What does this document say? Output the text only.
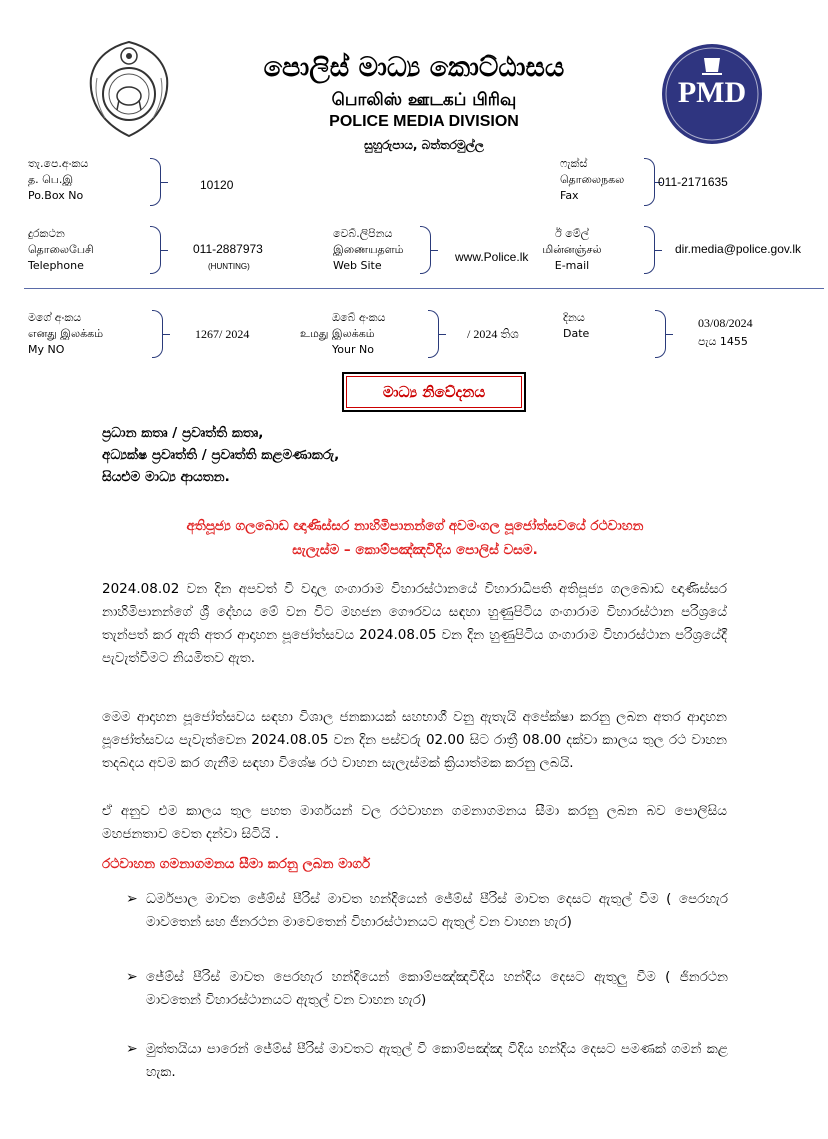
PMD
පොලිස් මාධ්‍ය කොට්ඨාසය
பொலிஸ் ஊடகப் பிரிவு
POLICE MEDIA DIVISION
සුහුරුපාය, බත්තරමුල්ල
තැ.පෙ.අංකය
த. பெ.இ
Po.Box No
10120
ෆැක්ස්
தொலைநகல
Fax
011-2171635
දුරකථන
தொலைபேசி
Telephone
011-2887973
(HUNTING)
වෙබ්.ලිපිනය
இணையதளம்
Web Site
www.Police.lk
ඊ මේල්
மின்னஞ்சல்
E-mail
dir.media@police.gov.lk
මගේ අංකය
எனது இலக்கம்
My NO
1267/ 2024
ඔබේ අංකය
உமது இலக்கம்
Your No
/ 2024 තිශ
දිනය
Date
03/08/2024
පැය 1455
මාධ්‍ය නිවේදනය
ප්‍රධාන කතෘ / ප්‍රවෘත්ති කතෘ,
අධ්‍යක්ෂ ප්‍රවෘත්ති / ප්‍රවෘත්ති කළමණාකරු,
සියළුම මාධ්‍ය ආයතන.
අතිපූජ්‍ය ගලබොඩ ඥාණිස්සර නාහිමිපානන්ගේ අවමංගල පූජෝත්සවයේ රථවාහන
සැලැස්ම – කොම්පඤ්ඤවීදිය පොලිස් වසම.
2024.08.02 වන දින අපවත් වී වදාල ගංගාරාම විහාරස්ථානයේ විහාරාධිපති අතිපූජ්‍ය ගලබොඩ ඥාණිස්සර නාහිමිපානන්ගේ ශ්‍රී දේහය මේ වන විට මහජන ගෞරවය සඳහා හුණුපිටිය ගංගාරාම විහාරස්ථාන පරිශ්‍රයේ තැන්පත් කර ඇති අතර ආදාහන පූජෝත්සවය 2024.08.05 වන දින හුණුපිටිය ගංගාරාම විහාරස්ථාන පරිශ්‍රයේදී පැවැත්වීමට නියමිතව ඇත.
මෙම ආදාහන පූජෝත්සවය සඳහා විශාල ජනකායක් සහභාගී වනු ඇතැයි අපේක්ෂා කරනු ලබන අතර ආදාහන පූජෝත්සවය පැවැත්වෙන 2024.08.05 වන දින පස්වරු 02.00 සිට රාත්‍රී 08.00 දක්වා කාලය තුල රථ වාහන තදබදය අවම කර ගැනීම සඳහා විශේෂ රථ වාහන සැලැස්මක් ක්‍රියාත්මක කරනු ලබයි.
ඒ අනුව එම කාලය තුල පහත මාර්ගයන් වල රථවාහන ගමනාගමනය සීමා කරනු ලබන බව පොලිසිය මහජනතාව වෙත දන්වා සිටියි .
රථවාහන ගමනාගමනය සීමා කරනු ලබන මාර්ග
➢ ධර්මපාල මාවත ජේම්ස් පීරිස් මාවත හන්දියෙන් ජේම්ස් පීරිස් මාවත දෙසට ඇතුල් වීම ( පෙරහැර මාවතෙන් සහ ජිනරථන මාවෙතෙන් විහාරස්ථානයට ඇතුල් වන වාහන හැර)
➢ ජේම්ස් පීරිස් මාවත පෙරහැර හන්දියෙන් කොම්පඤ්ඤවීදිය හන්දිය දෙසට ඇතුලු වීම ( ජිනරථන මාවතෙන් විහාරස්ථානයට ඇතුල් වන වාහන හැර)
➢ මුත්තයියා පාරෙන් ජේම්ස් පීරිස් මාවතට ඇතුල් වී කොම්පඤ්ඤ වීදිය හන්දිය දෙසට පමණක් ගමන් කළ හැක.
